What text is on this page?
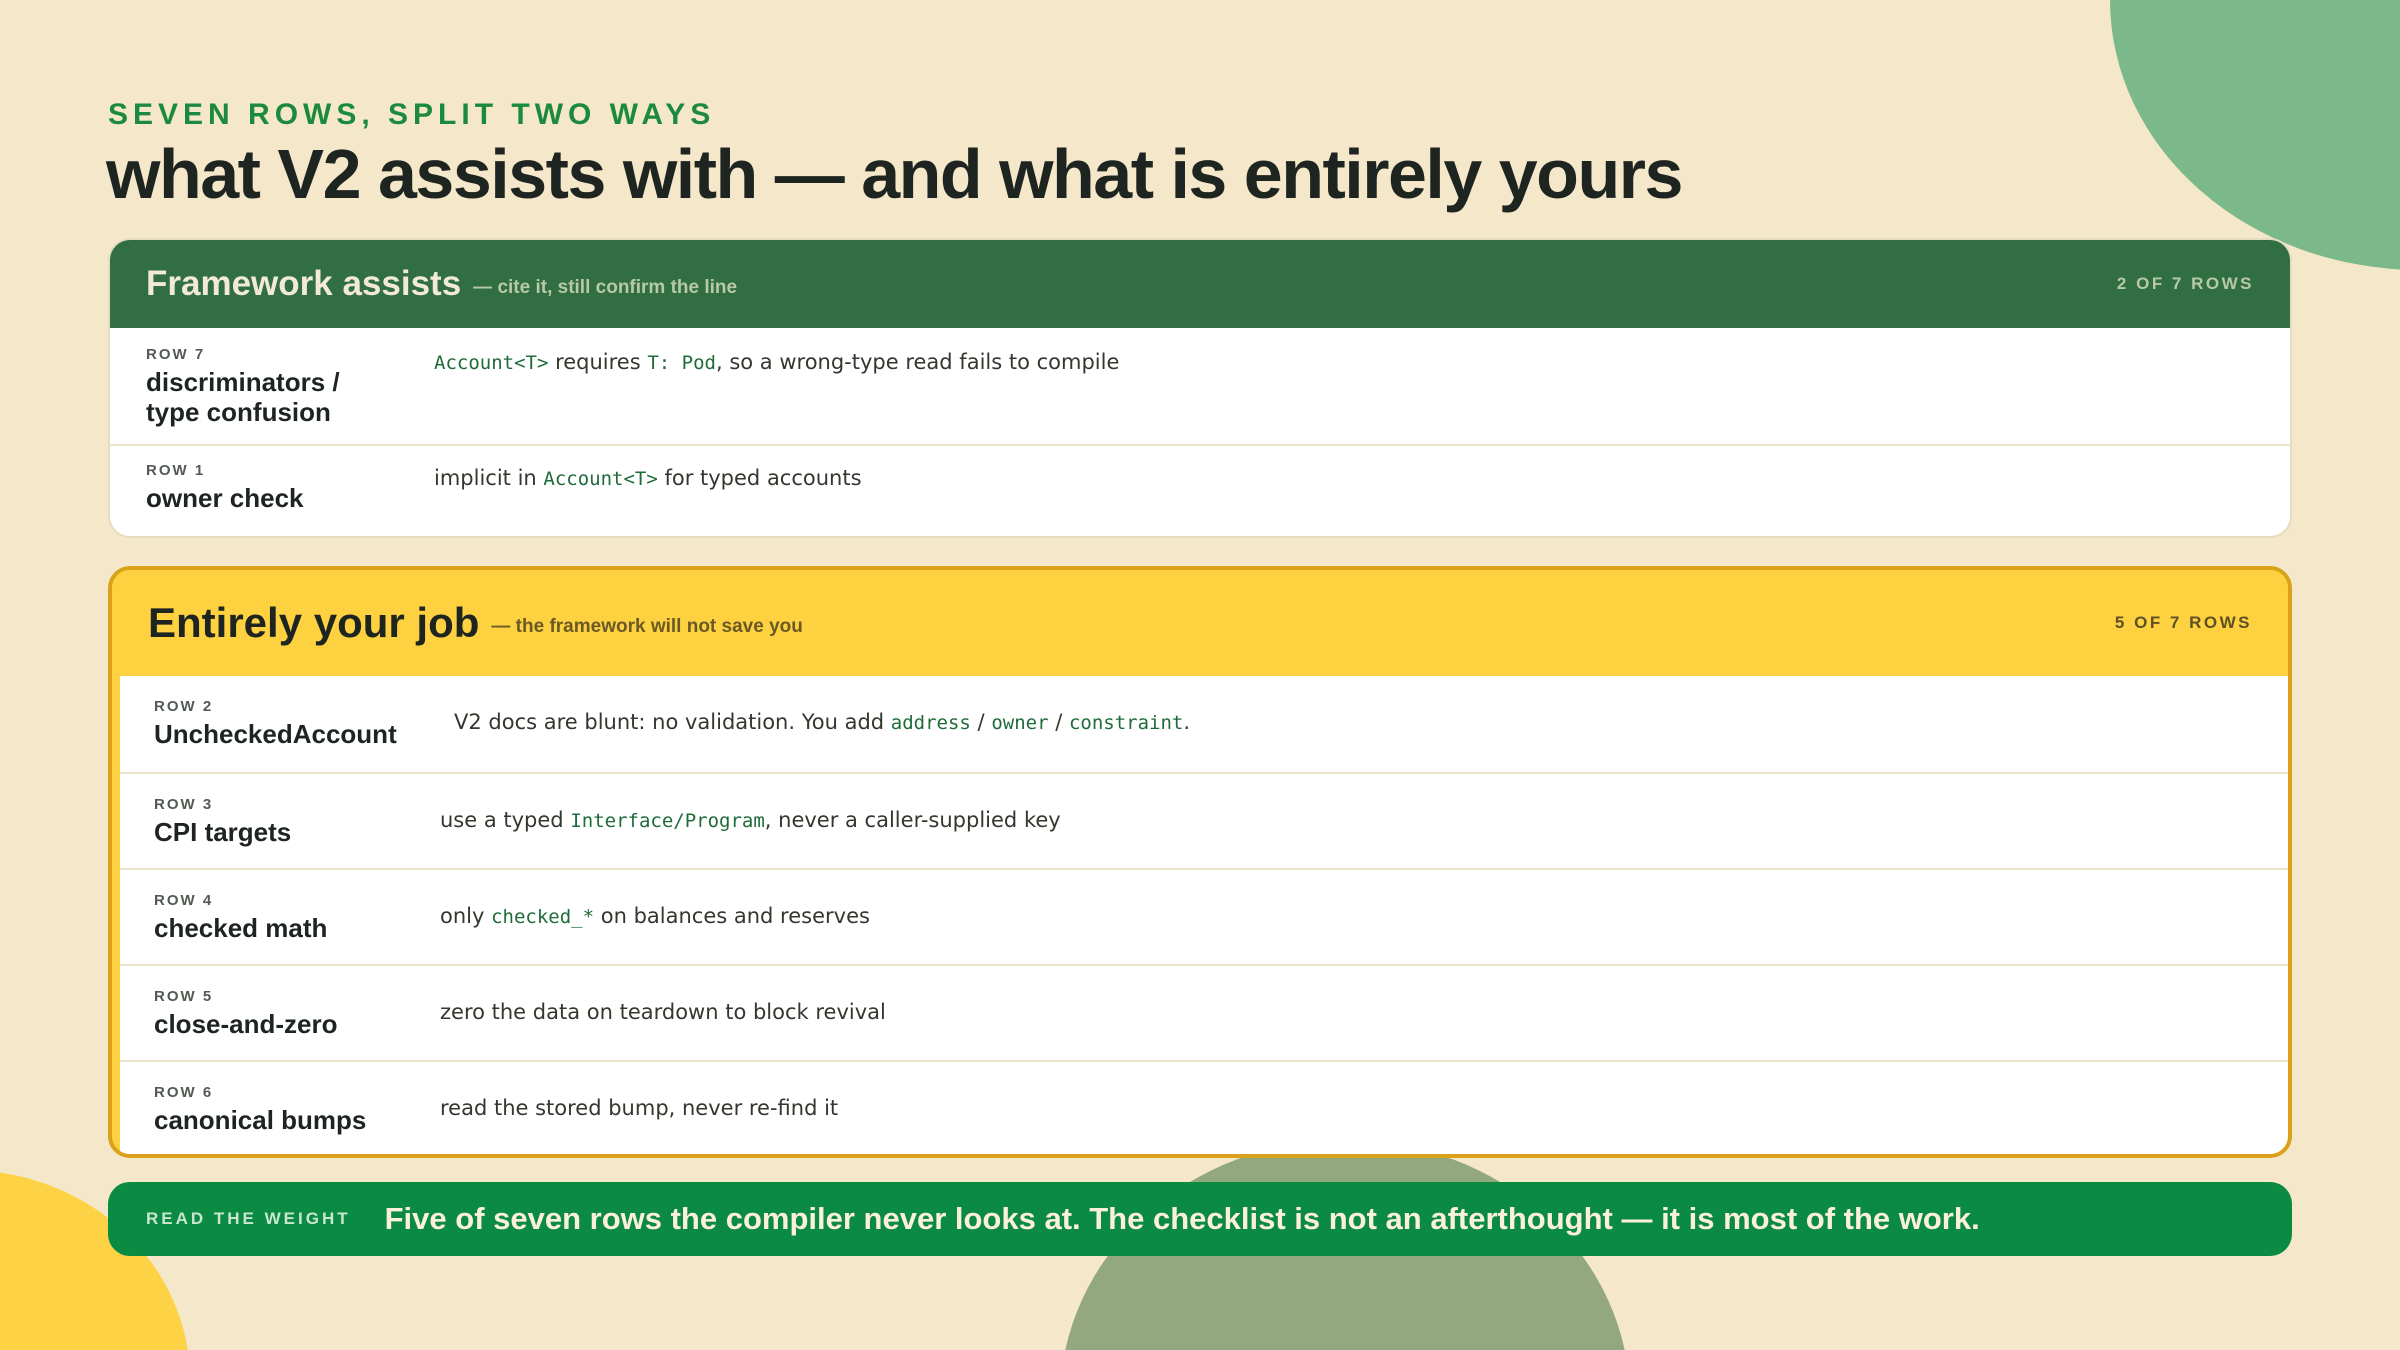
SEVEN ROWS, SPLIT TWO WAYS
what V2 assists with — and what is entirely yours
Framework assists — cite it, still confirm the line	2 OF 7 ROWS
ROW 7
discriminators /
type confusion
Account<T> requires T: Pod, so a wrong-type read fails to compile
ROW 1
owner check
implicit in Account<T> for typed accounts
Entirely your job — the framework will not save you	5 OF 7 ROWS
ROW 2
UncheckedAccount	V2 docs are blunt: no validation. You add address / owner / constraint.
ROW 3
CPI targets	use a typed Interface/Program, never a caller-supplied key
ROW 4
checked math	only checked_* on balances and reserves
ROW 5
close-and-zero	zero the data on teardown to block revival
ROW 6
canonical bumps	read the stored bump, never re-find it
READ THE WEIGHT Five of seven rows the compiler never looks at. The checklist is not an afterthought — it is most of the work.
